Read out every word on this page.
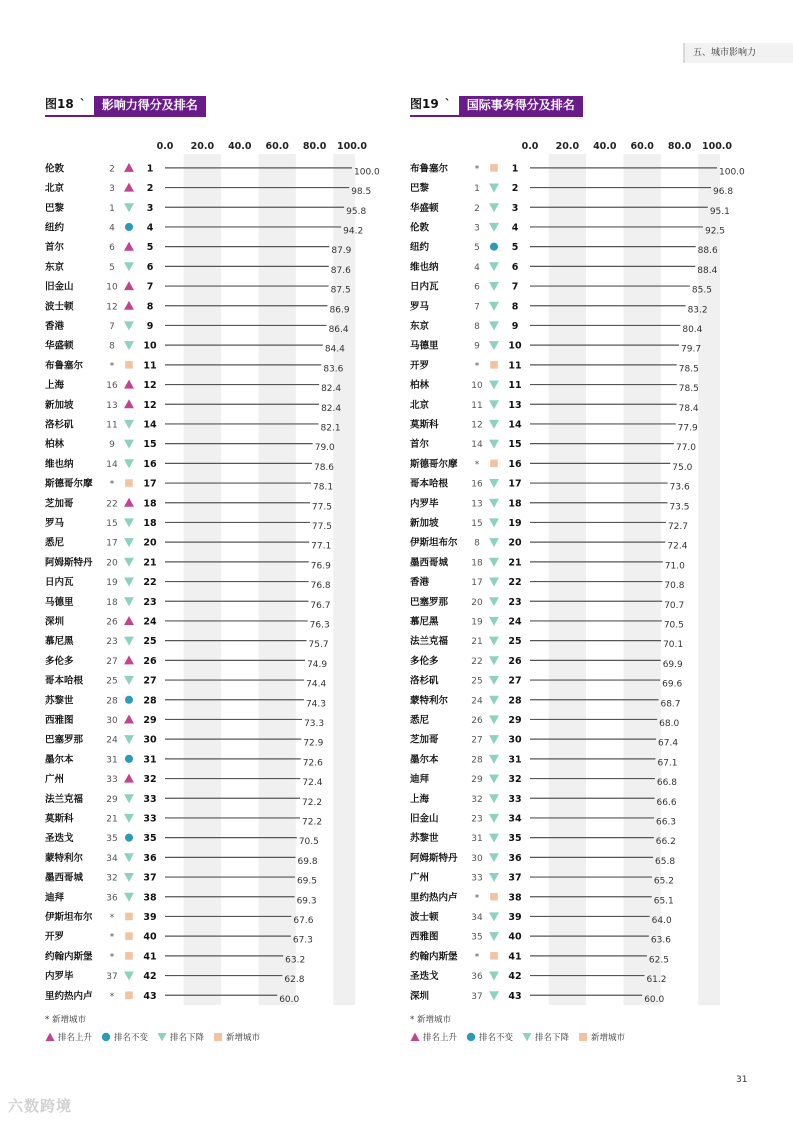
五、城市影响力
图18 `	影响力得分及排名	图19 `	国际事务得分及排名
0.0 20.0 40.0 60.0 80.0 100.0
伦敦	2	1	100.0
北京	3	2	98.5
巴黎	1	3	95.8
纽约	4	4	94.2
首尔	6	5	87.9
东京	5	6	87.6
旧金山	10	7	87.5
波士顿	12	8	86.9
香港	7	9	86.4
华盛顿	8	10	84.4
布鲁塞尔	*	11	83.6
上海	16	12	82.4
新加坡	13	12	82.4
洛杉矶	11	14	82.1
柏林	9	15	79.0
维也纳	14	16	78.6
斯德哥尔摩 *	17	78.1
芝加哥	22	18	77.5
罗马	15	18	77.5
悉尼	17	20	77.1
阿姆斯特丹 20	21	76.9
日内瓦	19	22	76.8
马德里	18	23	76.7
深圳	26	24	76.3
慕尼黑	23	25	75.7
多伦多	27	26	74.9
哥本哈根	25	27	74.4
苏黎世	28	28	74.3
西雅图	30	29	73.3
巴塞罗那	24	30	72.9
墨尔本	31	31	72.6
广州	33	32	72.4
法兰克福	29	33	72.2
莫斯科	21	33	72.2
圣迭戈	35	35	70.5
蒙特利尔	34	36	69.8
墨西哥城	32	37	69.5
迪拜	36	38	69.3
伊斯坦布尔 *	39	67.6
开罗	*	40	67.3
约翰内斯堡 *	41	63.2
内罗毕	37	42	62.8
里约热内卢 *	43	60.0
0.0 20.0 40.0 60.0 80.0 100.0
布鲁塞尔	*	1	100.0
巴黎	1	2	96.8
华盛顿	2	3	95.1
伦敦	3	4	92.5
纽约	5	5	88.6
维也纳	4	6	88.4
日内瓦	6	7	85.5
罗马	7	8	83.2
东京	8	9	80.4
马德里	9	10	79.7
开罗	*	11	78.5
柏林	10	11	78.5
北京	11	13	78.4
莫斯科	12	14	77.9
首尔	14	15	77.0
斯德哥尔摩 *	16	75.0
哥本哈根	16	17	73.6
内罗毕	13	18	73.5
新加坡	15	19	72.7
伊斯坦布尔 8	20	72.4
墨西哥城	18	21	71.0
香港	17	22	70.8
巴塞罗那	20	23	70.7
慕尼黑	19	24	70.5
法兰克福	21	25	70.1
多伦多	22	26	69.9
洛杉矶	25	27	69.6
蒙特利尔	24	28	68.7
悉尼	26	29	68.0
芝加哥	27	30	67.4
墨尔本	28	31	67.1
迪拜	29	32	66.8
上海	32	33	66.6
旧金山	23	34	66.3
苏黎世	31	35	66.2
阿姆斯特丹 30	36	65.8
广州	33	37	65.2
里约热内卢 *	38	65.1
波士顿	34	39	64.0
西雅图	35	40	63.6
约翰内斯堡 *	41	62.5
圣迭戈	36	42	61.2
深圳	37	43	60.0
* 新增城市
排名上升	排名不变	排名下降	新增城市
* 新增城市
排名上升	排名不变	排名下降	新增城市
31
六数跨境
